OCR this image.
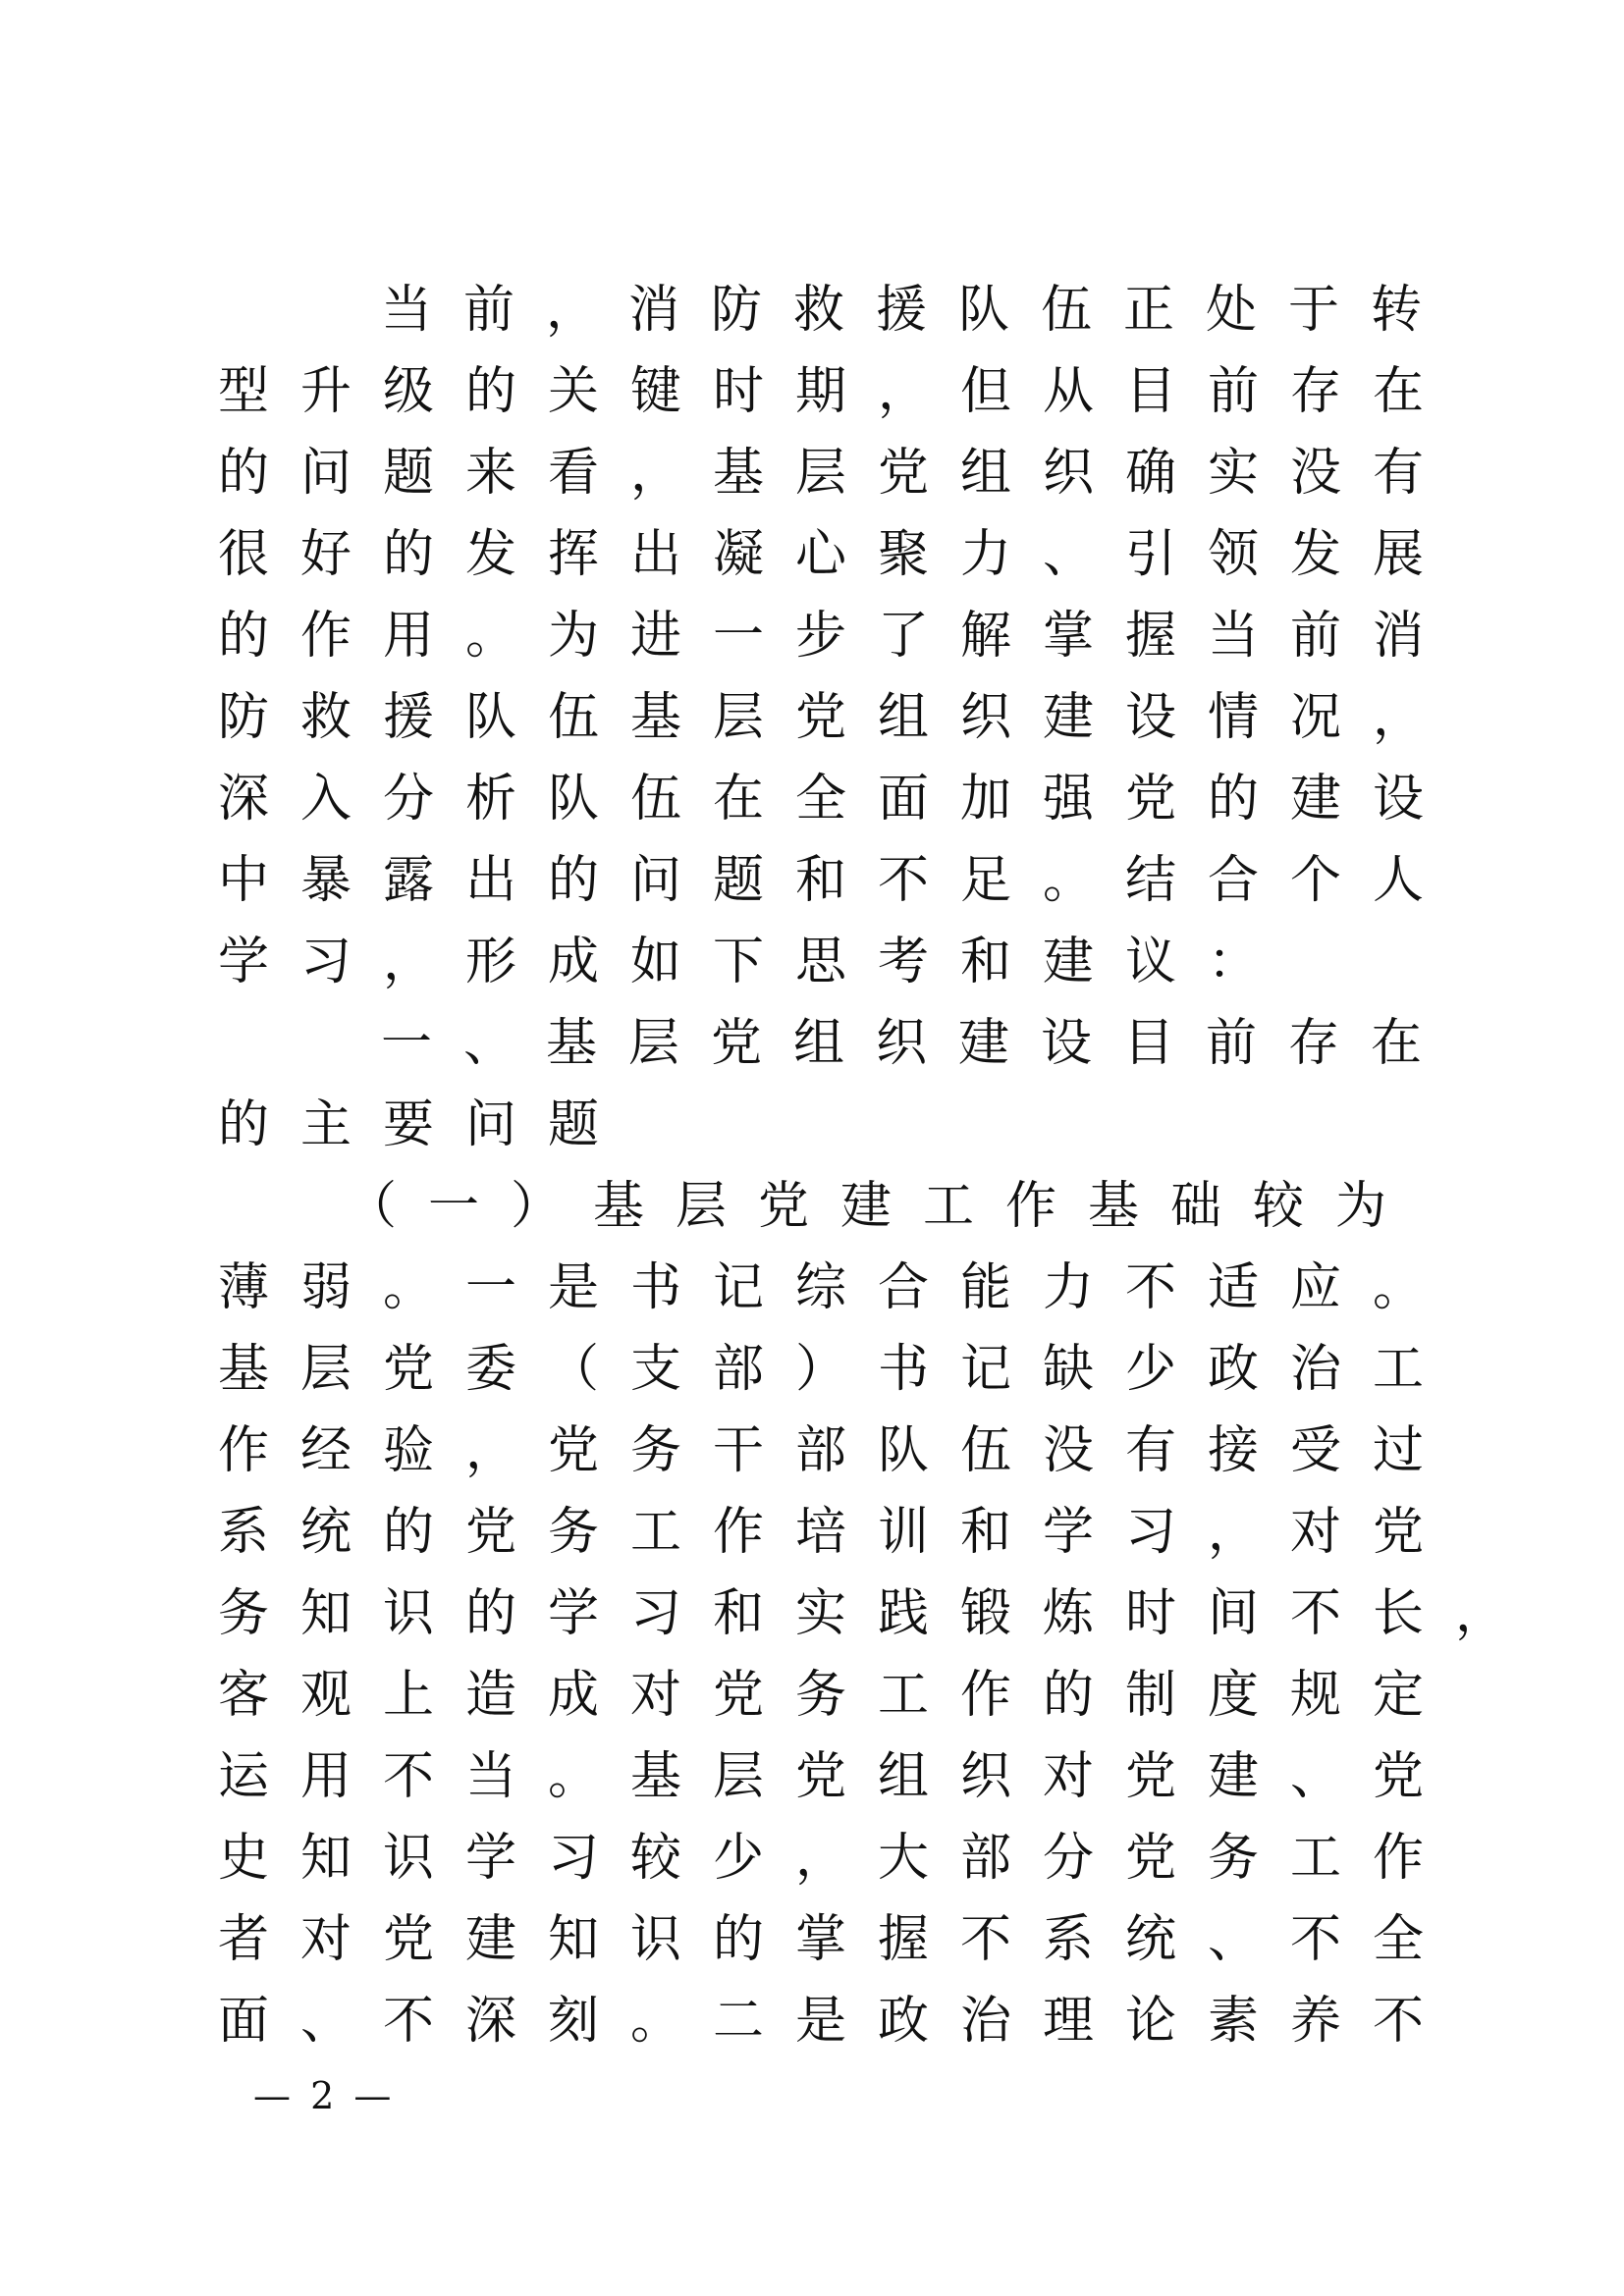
当前，消防救援队伍正处于转
型升级的关键时期，但从目前存在
的问题来看，基层党组织确实没有
很好的发挥出凝心聚力、引领发展
的作用。为进一步了解掌握当前消
防救援队伍基层党组织建设情况，
深入分析队伍在全面加强党的建设
中暴露出的问题和不足。结合个人
学习，形成如下思考和建议：
一、基层党组织建设目前存在
的主要问题
（一）基层党建工作基础较为
薄弱。一是书记综合能力不适应。
基层党委（支部）书记缺少政治工
作经验，党务干部队伍没有接受过
系统的党务工作培训和学习，对党
务知识的学习和实践锻炼时间不长，
客观上造成对党务工作的制度规定
运用不当。基层党组织对党建、党
史知识学习较少，大部分党务工作
者对党建知识的掌握不系统、不全
面、不深刻。二是政治理论素养不
— 2 —
